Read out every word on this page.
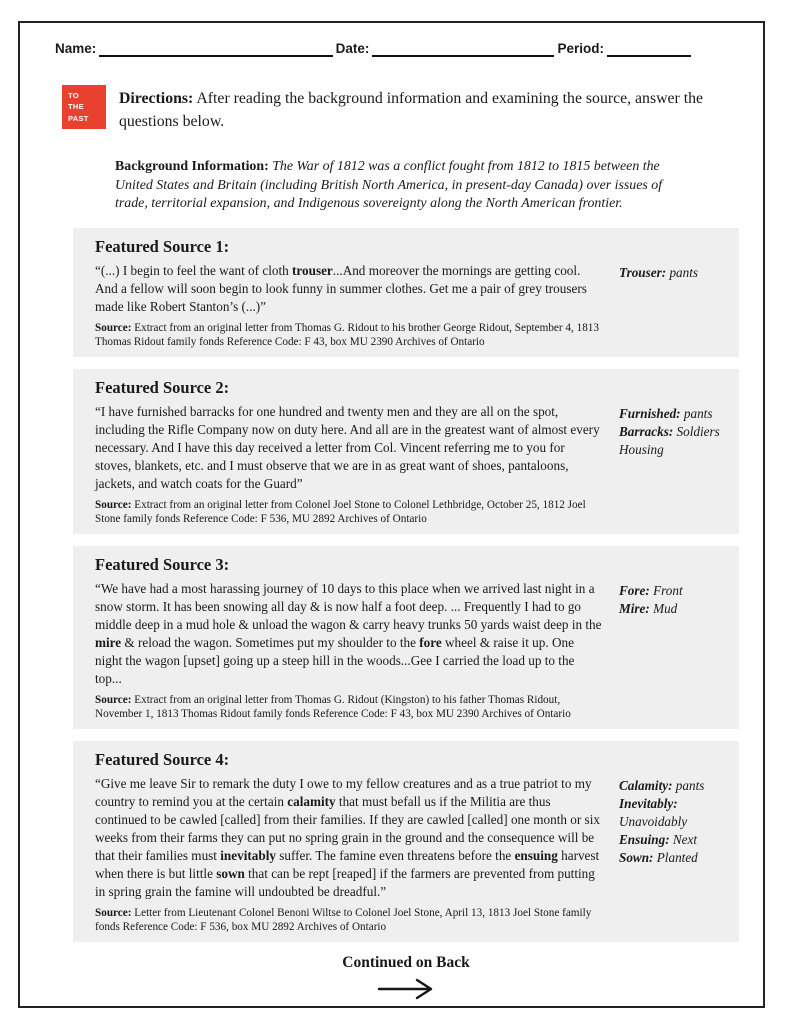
Name:	Date:	Period:
TO
THE
PAST
Directions: After reading the background information and examining the source, answer the questions below.
Background Information: The War of 1812 was a conflict fought from 1812 to 1815 between the United States and Britain (including British North America, in present-day Canada) over issues of trade, territorial expansion, and Indigenous sovereignty along the North American frontier.
Featured Source 1:
“(...) I begin to feel the want of cloth trouser...And moreover the mornings are getting cool. And a fellow will soon begin to look funny in summer clothes. Get me a pair of grey trousers made like Robert Stanton’s (...)”
Source: Extract from an original letter from Thomas G. Ridout to his brother George Ridout, September 4, 1813 Thomas Ridout family fonds Reference Code: F 43, box MU 2390 Archives of Ontario
Trouser: pants
Featured Source 2:
“I have furnished barracks for one hundred and twenty men and they are all on the spot, including the Rifle Company now on duty here. And all are in the greatest want of almost every necessary. And I have this day received a letter from Col. Vincent referring me to you for stoves, blankets, etc. and I must observe that we are in as great want of shoes, pantaloons, jackets, and watch coats for the Guard”
Source: Extract from an original letter from Colonel Joel Stone to Colonel Lethbridge, October 25, 1812 Joel Stone family fonds Reference Code: F 536, MU 2892 Archives of Ontario
Furnished: pants
Barracks: Soldiers Housing
Featured Source 3:
“We have had a most harassing journey of 10 days to this place when we arrived last night in a snow storm. It has been snowing all day & is now half a foot deep. ... Frequently I had to go middle deep in a mud hole & unload the wagon & carry heavy trunks 50 yards waist deep in the mire & reload the wagon. Sometimes put my shoulder to the fore wheel & raise it up. One night the wagon [upset] going up a steep hill in the woods...Gee I carried the load up to the top...
Source: Extract from an original letter from Thomas G. Ridout (Kingston) to his father Thomas Ridout, November 1, 1813 Thomas Ridout family fonds Reference Code: F 43, box MU 2390 Archives of Ontario
Fore: Front
Mire: Mud
Featured Source 4:
“Give me leave Sir to remark the duty I owe to my fellow creatures and as a true patriot to my country to remind you at the certain calamity that must befall us if the Militia are thus continued to be cawled [called] from their families. If they are cawled [called] one month or six weeks from their farms they can put no spring grain in the ground and the consequence will be that their families must inevitably suffer. The famine even threatens before the ensuing harvest when there is but little sown that can be rept [reaped] if the farmers are prevented from putting in spring grain the famine will undoubted be dreadful.”
Source: Letter from Lieutenant Colonel Benoni Wiltse to Colonel Joel Stone, April 13, 1813 Joel Stone family fonds Reference Code: F 536, box MU 2892 Archives of Ontario
Calamity: pants
Inevitably: Unavoidably
Ensuing: Next
Sown: Planted
Continued on Back
